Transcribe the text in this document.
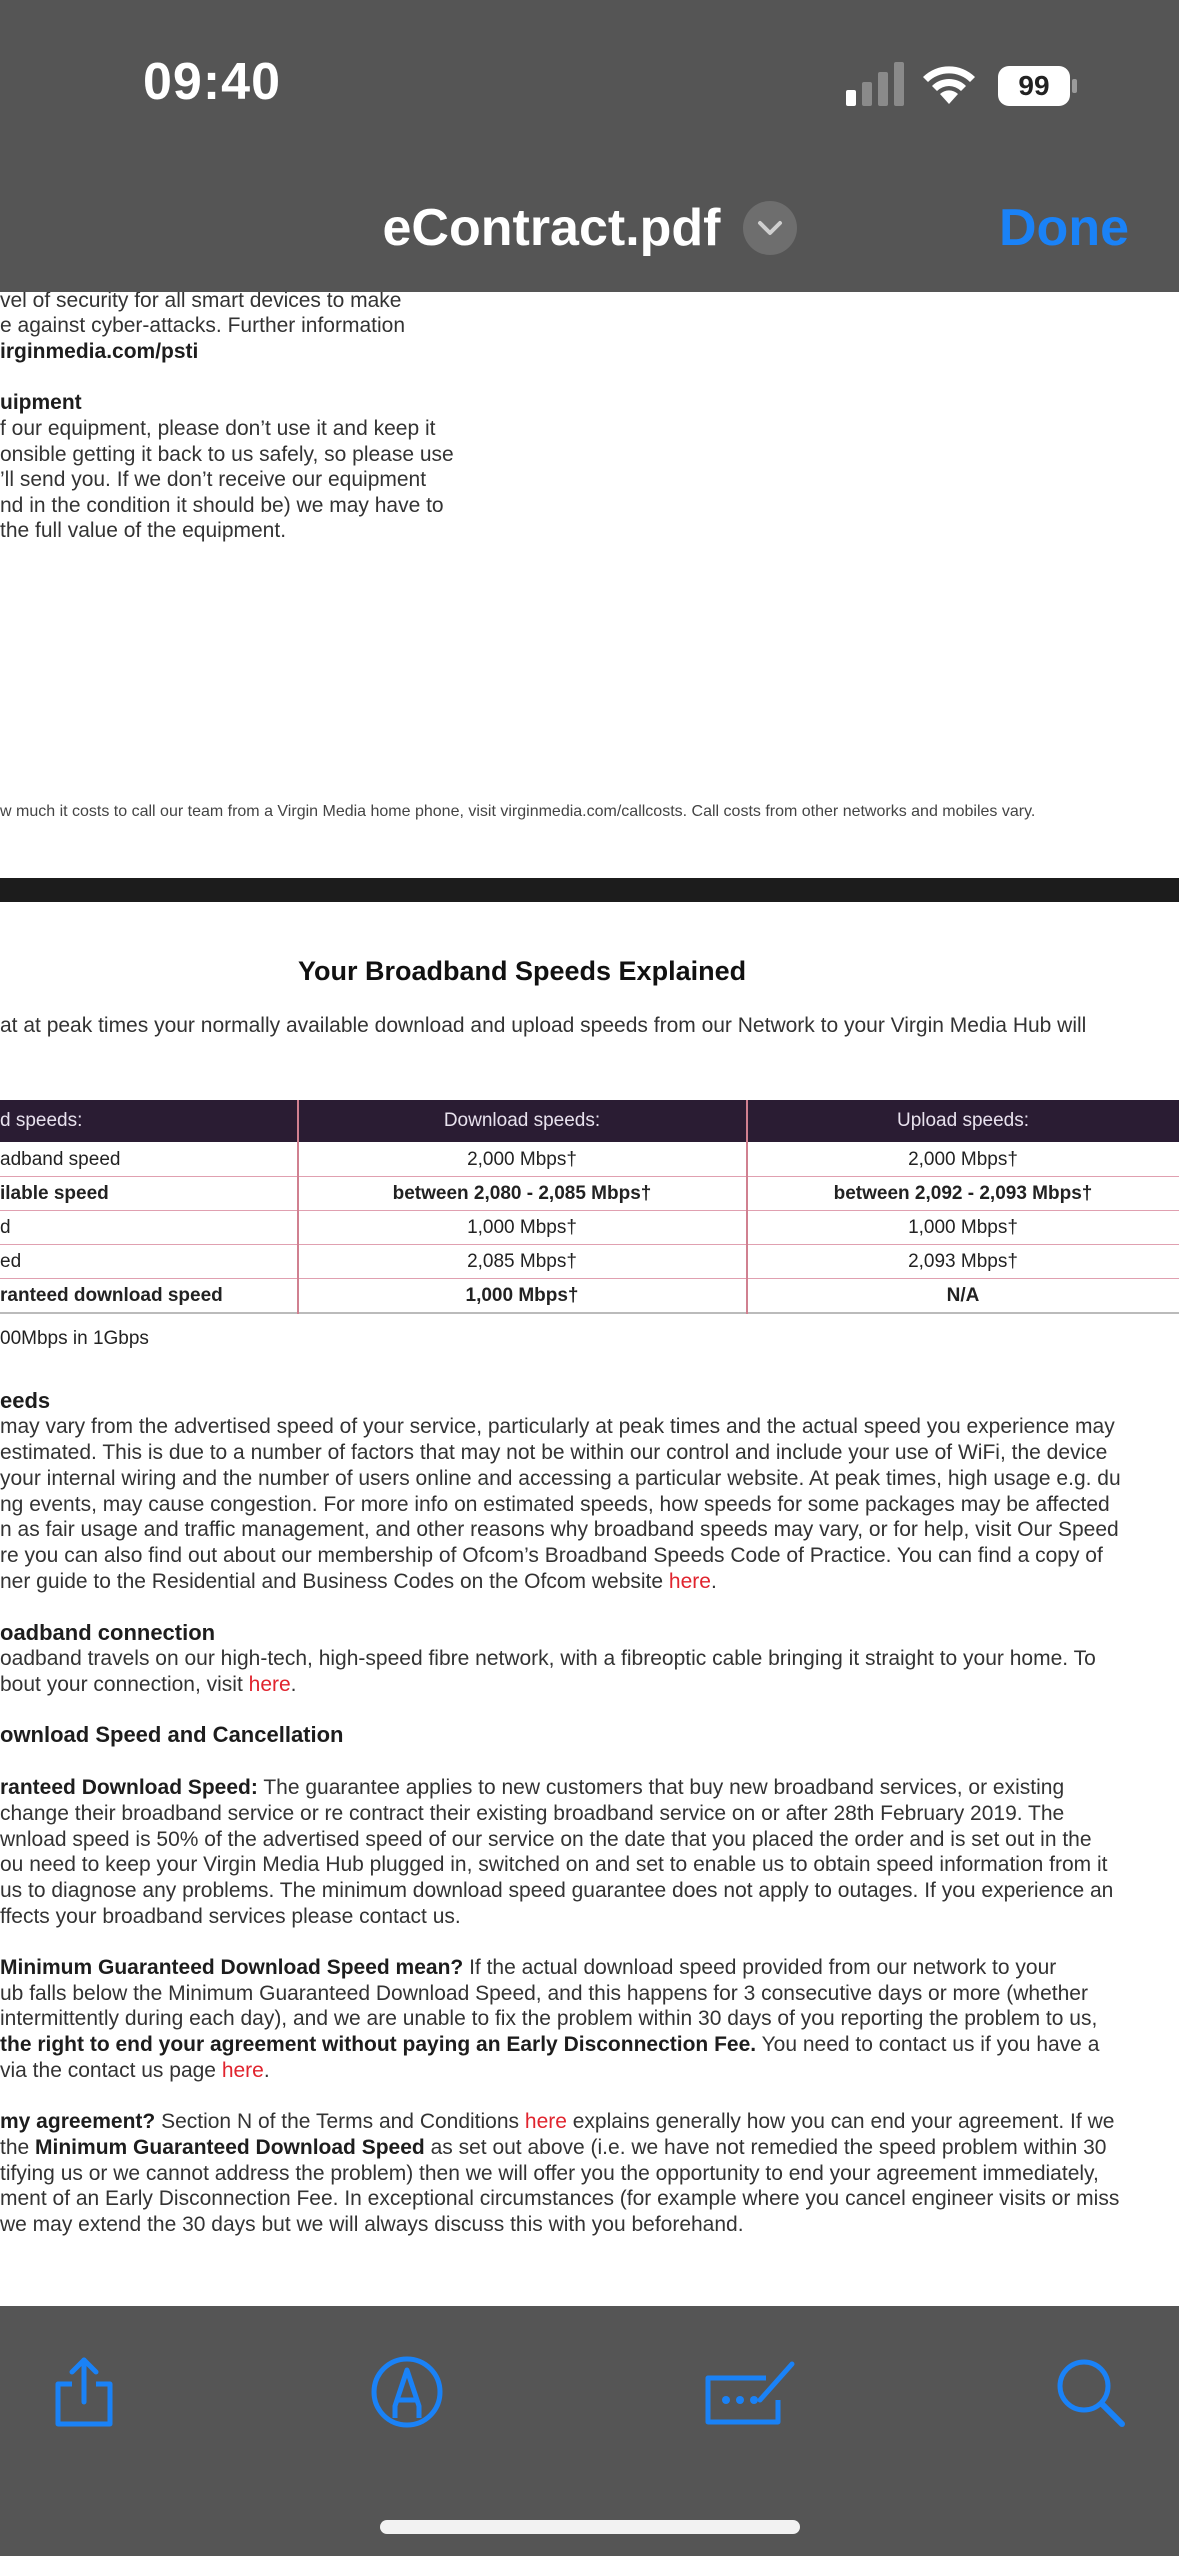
09:40	99
eContract.pdf	Done
vel of security for all smart devices to make
e against cyber-attacks. Further information
irginmedia.com/psti
uipment
f our equipment, please don’t use it and keep it
onsible getting it back to us safely, so please use
’ll send you. If we don’t receive our equipment
nd in the condition it should be) we may have to
the full value of the equipment.
w much it costs to call our team from a Virgin Media home phone, visit virginmedia.com/callcosts. Call costs from other networks and mobiles vary.
Your Broadband Speeds Explained
at at peak times your normally available download and upload speeds from our Network to your Virgin Media Hub will
d speeds:	Download speeds:	Upload speeds:
adband speed	2,000 Mbps†	2,000 Mbps†
ilable speed	between 2,080 - 2,085 Mbps†	between 2,092 - 2,093 Mbps†
d	1,000 Mbps†	1,000 Mbps†
ed	2,085 Mbps†	2,093 Mbps†
ranteed download speed	1,000 Mbps†	N/A
00Mbps in 1Gbps
eeds
may vary from the advertised speed of your service, particularly at peak times and the actual speed you experience may
estimated. This is due to a number of factors that may not be within our control and include your use of WiFi, the device
your internal wiring and the number of users online and accessing a particular website. At peak times, high usage e.g. du
ng events, may cause congestion. For more info on estimated speeds, how speeds for some packages may be affected
n as fair usage and traffic management, and other reasons why broadband speeds may vary, or for help, visit Our Speed
re you can also find out about our membership of Ofcom’s Broadband Speeds Code of Practice. You can find a copy of
ner guide to the Residential and Business Codes on the Ofcom website here.
oadband connection
oadband travels on our high-tech, high-speed fibre network, with a fibreoptic cable bringing it straight to your home. To
bout your connection, visit here.
ownload Speed and Cancellation
ranteed Download Speed: The guarantee applies to new customers that buy new broadband services, or existing
change their broadband service or re contract their existing broadband service on or after 28th February 2019. The
wnload speed is 50% of the advertised speed of our service on the date that you placed the order and is set out in the
ou need to keep your Virgin Media Hub plugged in, switched on and set to enable us to obtain speed information from it
us to diagnose any problems. The minimum download speed guarantee does not apply to outages. If you experience an
ffects your broadband services please contact us.
Minimum Guaranteed Download Speed mean? If the actual download speed provided from our network to your
ub falls below the Minimum Guaranteed Download Speed, and this happens for 3 consecutive days or more (whether
intermittently during each day), and we are unable to fix the problem within 30 days of you reporting the problem to us,
the right to end your agreement without paying an Early Disconnection Fee. You need to contact us if you have a
via the contact us page here.
my agreement? Section N of the Terms and Conditions here explains generally how you can end your agreement. If we
the Minimum Guaranteed Download Speed as set out above (i.e. we have not remedied the speed problem within 30
tifying us or we cannot address the problem) then we will offer you the opportunity to end your agreement immediately,
ment of an Early Disconnection Fee. In exceptional circumstances (for example where you cancel engineer visits or miss
we may extend the 30 days but we will always discuss this with you beforehand.
